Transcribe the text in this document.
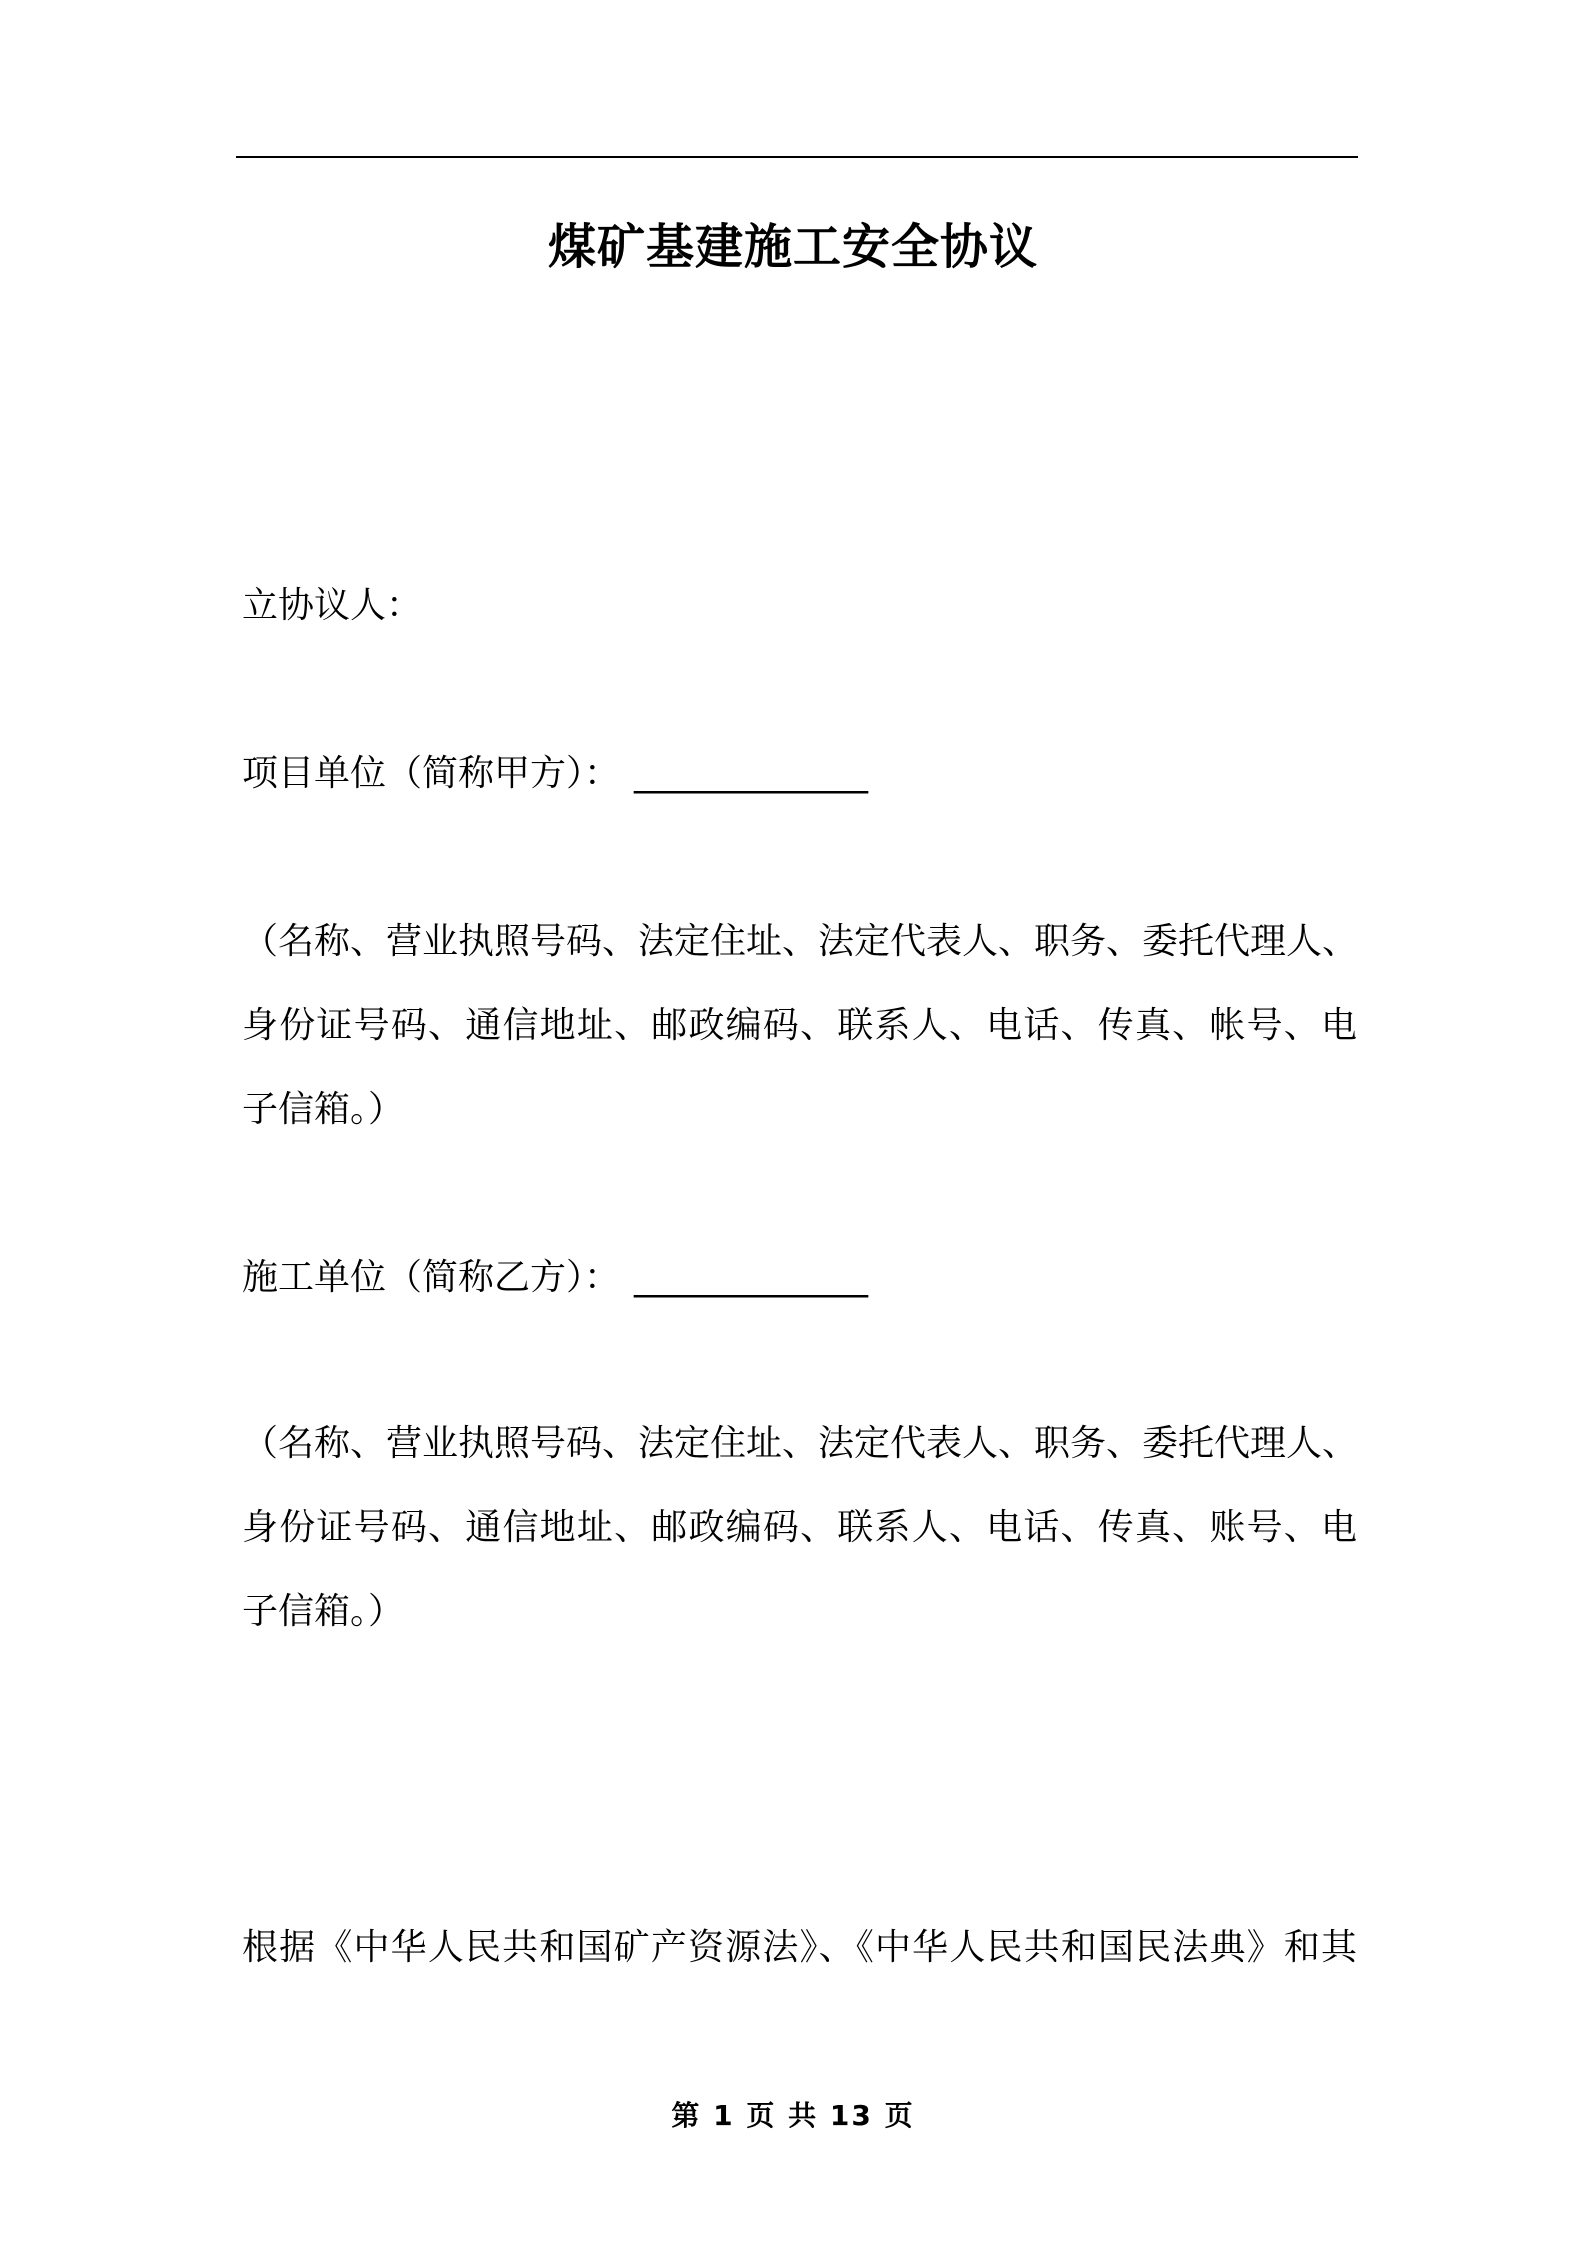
煤矿基建施工安全协议
立协议人：
项目单位（简称甲方）： _____________
（名称、营业执照号码、法定住址、法定代表人、职务、委托代理人、
身份证号码、通信地址、邮政编码、联系人、电话、传真、帐号、电
子信箱。）
施工单位（简称乙方）： _____________
（名称、营业执照号码、法定住址、法定代表人、职务、委托代理人、
身份证号码、通信地址、邮政编码、联系人、电话、传真、账号、电
子信箱。）
根据《中华人民共和国矿产资源法》、《中华人民共和国民法典》和其
第 1 页 共 13 页
